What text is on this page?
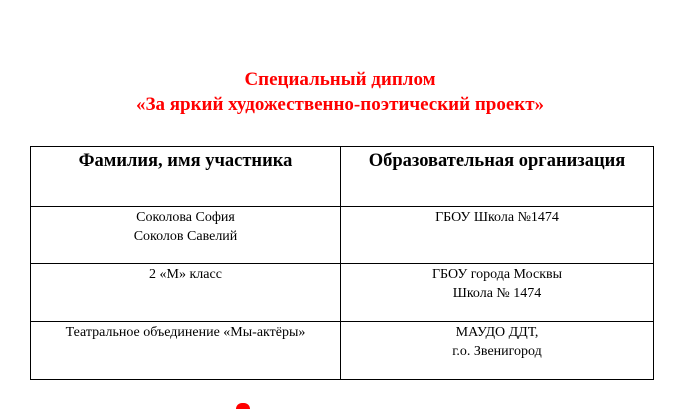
Специальный диплом
«За яркий художественно-поэтический проект»
Фамилия, имя участника	Образовательная организация

Соколова София
Соколов Савелий	ГБОУ Школа №1474

2 «М» класс	ГБОУ города Москвы
Школа № 1474

Театральное объединение «Мы-актёры»	МАУДО ДДТ,
г.о. Звенигород
